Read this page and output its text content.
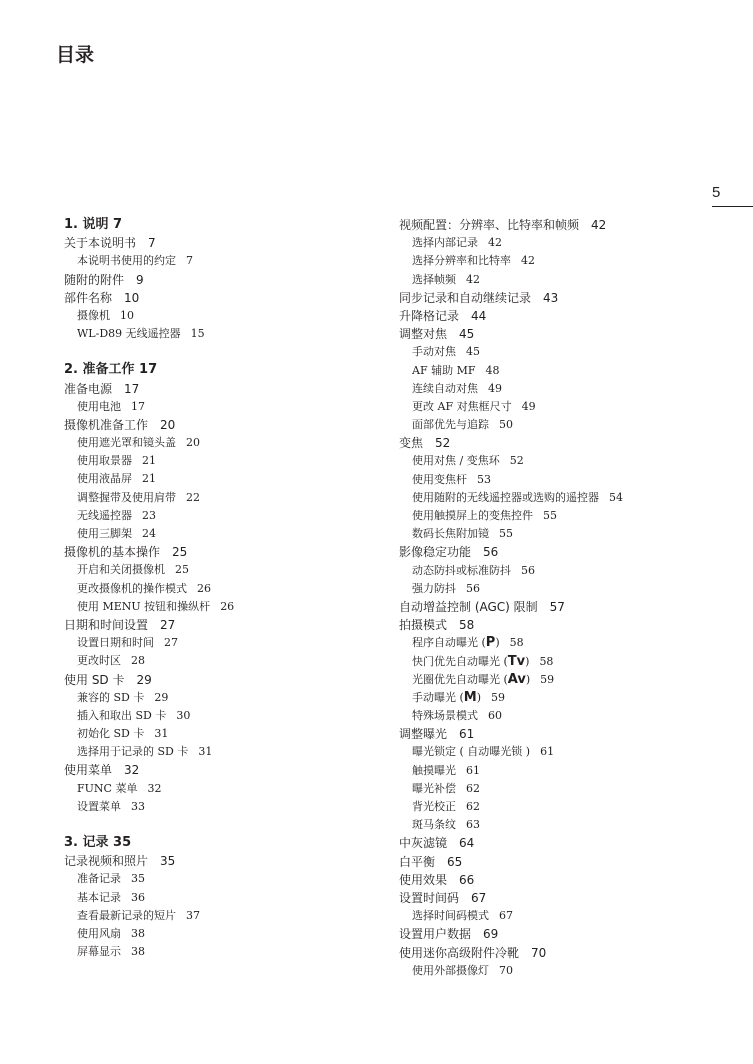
目录
5
1. 说明 7
关于本说明书 7
本说明书使用的约定 7
随附的附件 9
部件名称 10
摄像机 10
WL-D89 无线遥控器 15
2. 准备工作 17
准备电源 17
使用电池 17
摄像机准备工作 20
使用遮光罩和镜头盖 20
使用取景器 21
使用液晶屏 21
调整握带及使用肩带 22
无线遥控器 23
使用三脚架 24
摄像机的基本操作 25
开启和关闭摄像机 25
更改摄像机的操作模式 26
使用 MENU 按钮和操纵杆 26
日期和时间设置 27
设置日期和时间 27
更改时区 28
使用 SD 卡 29
兼容的 SD 卡 29
插入和取出 SD 卡 30
初始化 SD 卡 31
选择用于记录的 SD 卡 31
使用菜单 32
FUNC 菜单 32
设置菜单 33
3. 记录 35
记录视频和照片 35
准备记录 35
基本记录 36
查看最新记录的短片 37
使用风扇 38
屏幕显示 38
视频配置：分辨率、比特率和帧频 42
选择内部记录 42
选择分辨率和比特率 42
选择帧频 42
同步记录和自动继续记录 43
升降格记录 44
调整对焦 45
手动对焦 45
AF 辅助 MF 48
连续自动对焦 49
更改 AF 对焦框尺寸 49
面部优先与追踪 50
变焦 52
使用对焦 / 变焦环 52
使用变焦杆 53
使用随附的无线遥控器或选购的遥控器 54
使用触摸屏上的变焦控件 55
数码长焦附加镜 55
影像稳定功能 56
动态防抖或标准防抖 56
强力防抖 56
自动增益控制 (AGC) 限制 57
拍摄模式 58
程序自动曝光 (P) 58
快门优先自动曝光 (Tv) 58
光圈优先自动曝光 (Av) 59
手动曝光 (M) 59
特殊场景模式 60
调整曝光 61
曝光锁定 ( 自动曝光锁 ) 61
触摸曝光 61
曝光补偿 62
背光校正 62
斑马条纹 63
中灰滤镜 64
白平衡 65
使用效果 66
设置时间码 67
选择时间码模式 67
设置用户数据 69
使用迷你高级附件冷靴 70
使用外部摄像灯 70
